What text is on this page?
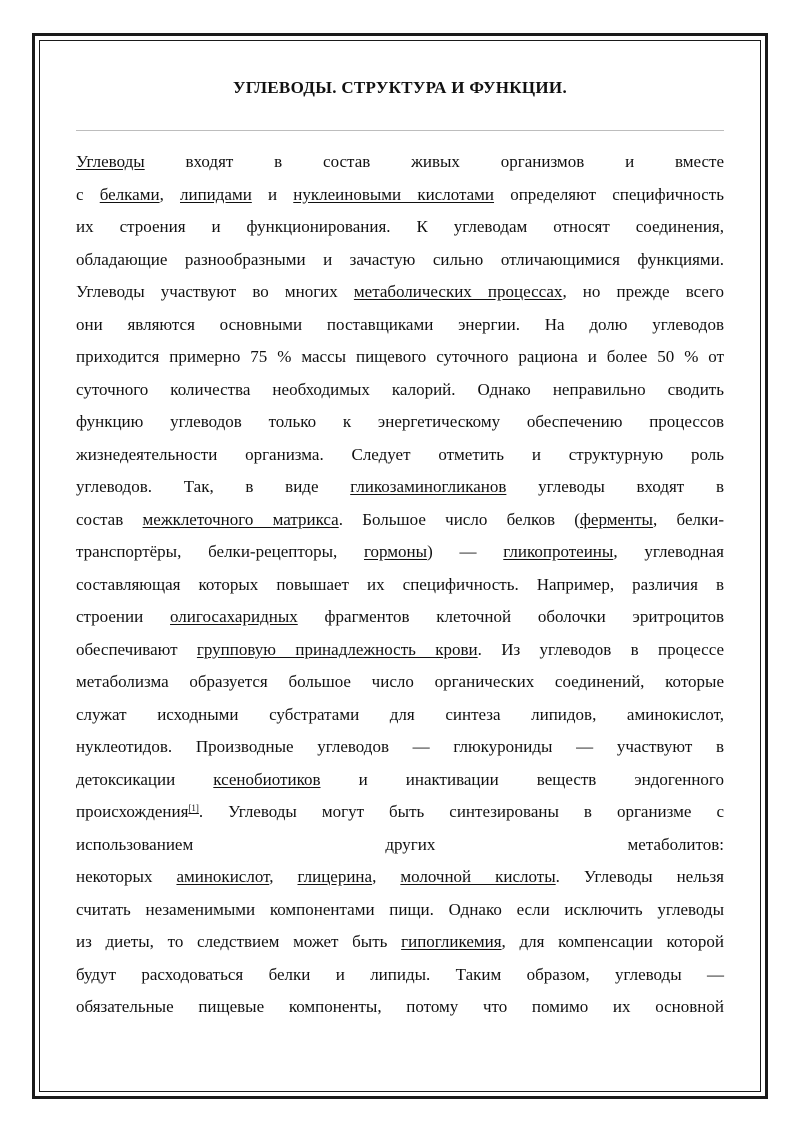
УГЛЕВОДЫ. СТРУКТУРА И ФУНКЦИИ.
Углеводы входят в состав живых организмов и вместе
с белками, липидами и нуклеиновыми кислотами определяют специфичность
их строения и функционирования. К углеводам относят соединения,
обладающие разнообразными и зачастую сильно отличающимися функциями.
Углеводы участвуют во многих метаболических процессах, но прежде всего
они являются основными поставщиками энергии. На долю углеводов
приходится примерно 75 % массы пищевого суточного рациона и более 50 % от
суточного количества необходимых калорий. Однако неправильно сводить
функцию углеводов только к энергетическому обеспечению процессов
жизнедеятельности организма. Следует отметить и структурную роль
углеводов. Так, в виде гликозаминогликанов углеводы входят в
состав межклеточного матрикса. Большое число белков (ферменты, белки-
транспортёры, белки-рецепторы, гормоны) — гликопротеины, углеводная
составляющая которых повышает их специфичность. Например, различия в
строении олигосахаридных фрагментов клеточной оболочки эритроцитов
обеспечивают групповую принадлежность крови. Из углеводов в процессе
метаболизма образуется большое число органических соединений, которые
служат исходными субстратами для синтеза липидов, аминокислот,
нуклеотидов. Производные углеводов — глюкурониды — участвуют в
детоксикации ксенобиотиков и инактивации веществ эндогенного
происхождения[1]. Углеводы могут быть синтезированы в организме с
использованием других метаболитов:
некоторых аминокислот, глицерина, молочной кислоты. Углеводы нельзя
считать незаменимыми компонентами пищи. Однако если исключить углеводы
из диеты, то следствием может быть гипогликемия, для компенсации которой
будут расходоваться белки и липиды. Таким образом, углеводы —
обязательные пищевые компоненты, потому что помимо их основной
